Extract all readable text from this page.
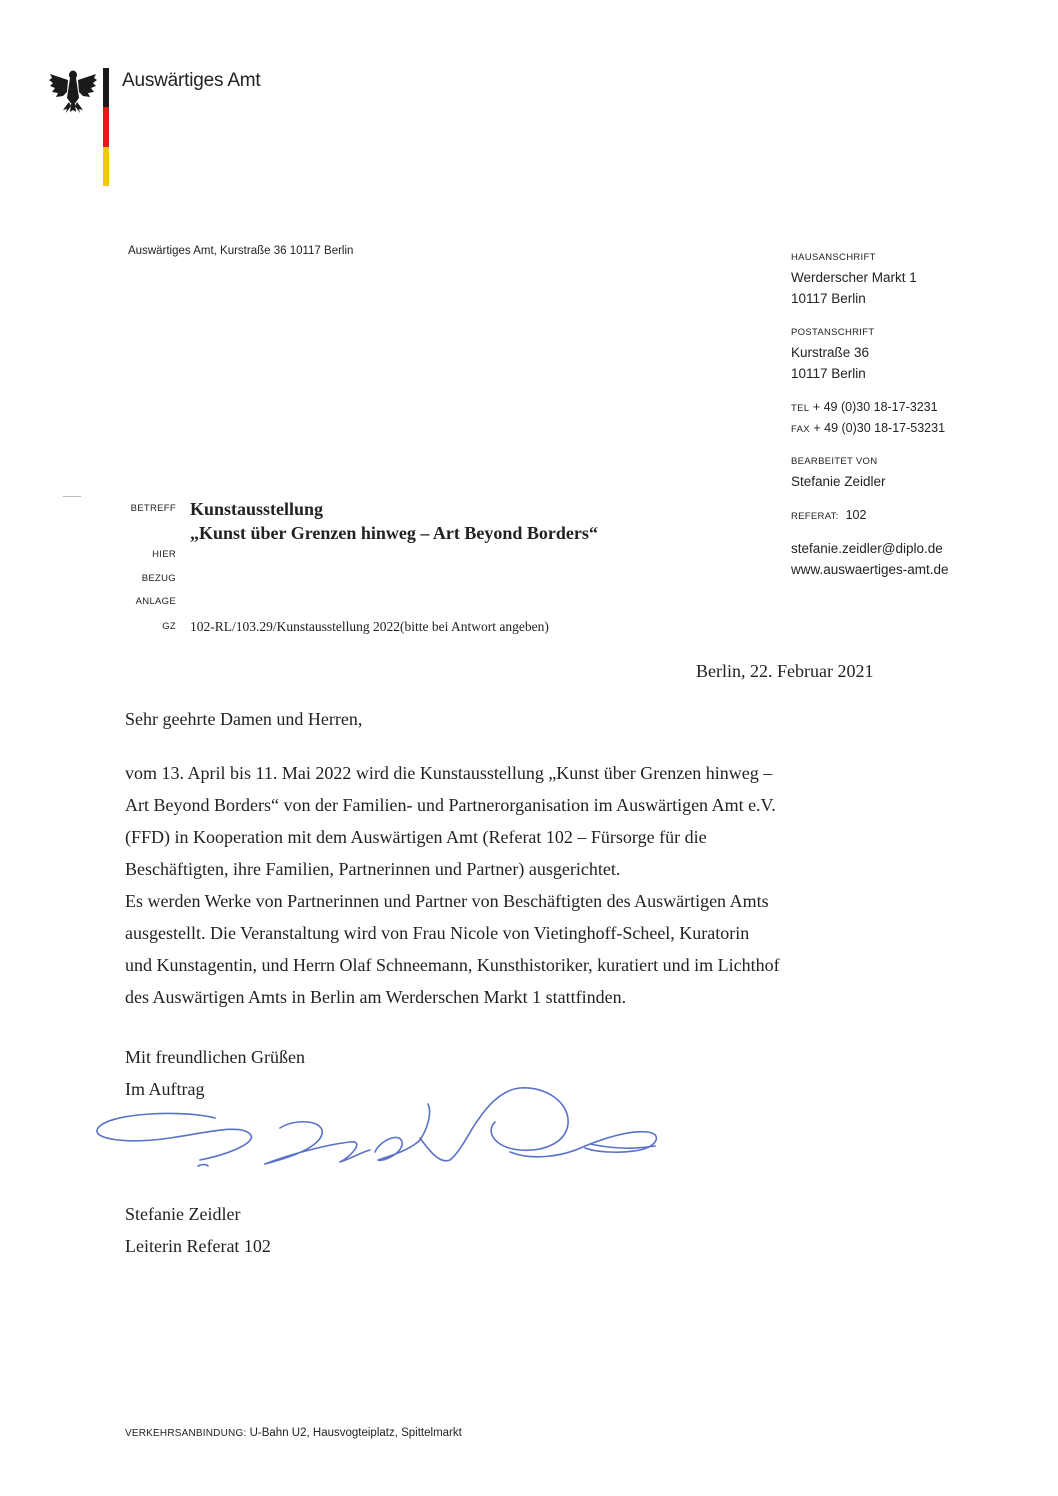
Auswärtiges Amt
Auswärtiges Amt, Kurstraße 36 10117 Berlin
HAUSANSCHRIFT
Werderscher Markt 1
10117 Berlin
POSTANSCHRIFT
Kurstraße 36
10117 Berlin
TEL + 49 (0)30 18-17-3231
FAX + 49 (0)30 18-17-53231
BEARBEITET VON
Stefanie Zeidler
REFERAT: 102
stefanie.zeidler@diplo.de
www.auswaertiges-amt.de
BETREFF Kunstausstellung
„Kunst über Grenzen hinweg – Art Beyond Borders“
HIER
BEZUG
ANLAGE
GZ 102-RL/103.29/Kunstausstellung 2022(bitte bei Antwort angeben)
Berlin, 22. Februar 2021
Sehr geehrte Damen und Herren,
vom 13. April bis 11. Mai 2022 wird die Kunstausstellung „Kunst über Grenzen hinweg –
Art Beyond Borders“ von der Familien- und Partnerorganisation im Auswärtigen Amt e.V.
(FFD) in Kooperation mit dem Auswärtigen Amt (Referat 102 – Fürsorge für die
Beschäftigten, ihre Familien, Partnerinnen und Partner) ausgerichtet.
Es werden Werke von Partnerinnen und Partner von Beschäftigten des Auswärtigen Amts
ausgestellt. Die Veranstaltung wird von Frau Nicole von Vietinghoff-Scheel, Kuratorin
und Kunstagentin, und Herrn Olaf Schneemann, Kunsthistoriker, kuratiert und im Lichthof
des Auswärtigen Amts in Berlin am Werderschen Markt 1 stattfinden.
Mit freundlichen Grüßen
Im Auftrag
Stefanie Zeidler
Leiterin Referat 102
VERKEHRSANBINDUNG: U-Bahn U2, Hausvogteiplatz, Spittelmarkt
